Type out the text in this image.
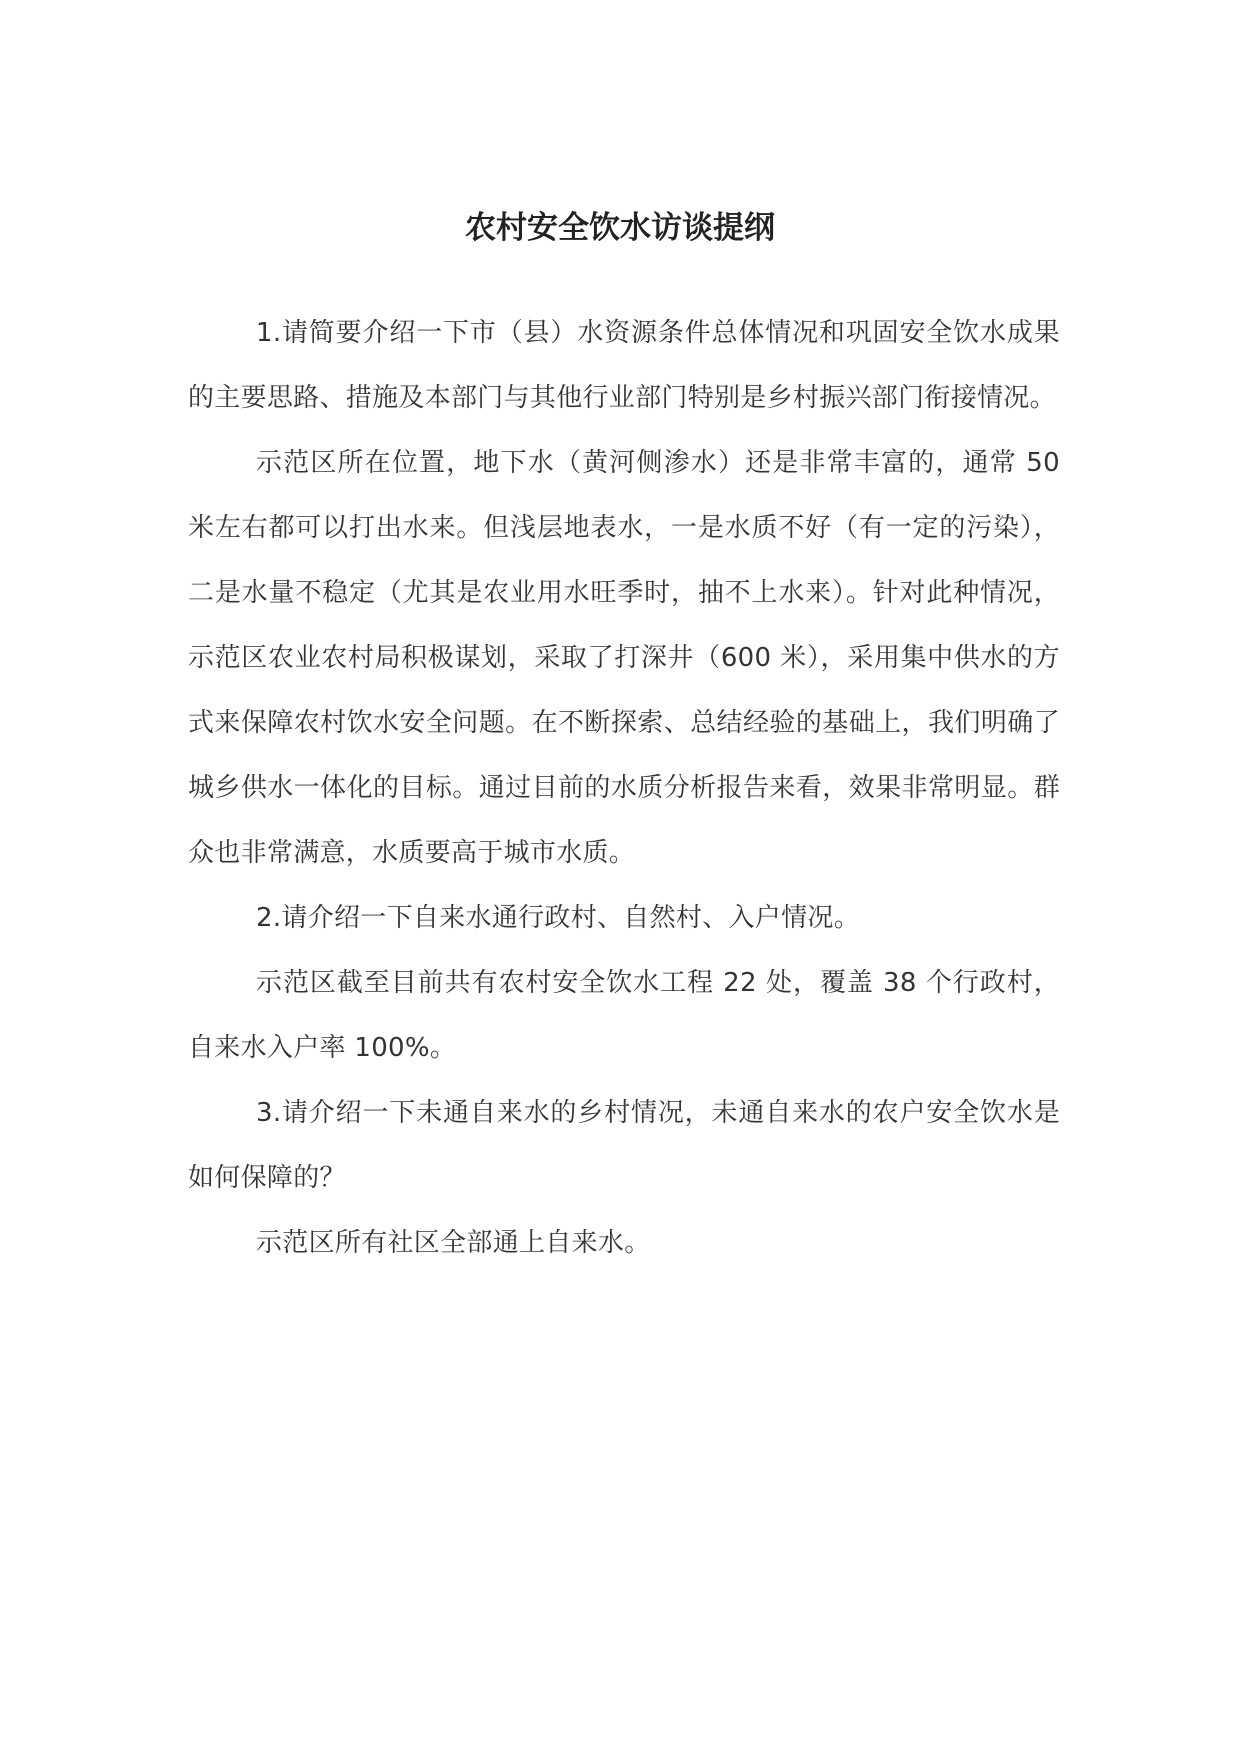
农村安全饮水访谈提纲

1.请简要介绍一下市（县）水资源条件总体情况和巩固安全饮水成果的主要思路、措施及本部门与其他行业部门特别是乡村振兴部门衔接情况。

示范区所在位置，地下水（黄河侧渗水）还是非常丰富的，通常 50 米左右都可以打出水来。但浅层地表水，一是水质不好（有一定的污染），二是水量不稳定（尤其是农业用水旺季时，抽不上水来）。针对此种情况，示范区农业农村局积极谋划，采取了打深井（600 米），采用集中供水的方式来保障农村饮水安全问题。在不断探索、总结经验的基础上，我们明确了城乡供水一体化的目标。通过目前的水质分析报告来看，效果非常明显。群众也非常满意，水质要高于城市水质。

2.请介绍一下自来水通行政村、自然村、入户情况。

示范区截至目前共有农村安全饮水工程 22 处，覆盖 38 个行政村，自来水入户率 100%。

3.请介绍一下未通自来水的乡村情况，未通自来水的农户安全饮水是如何保障的？

示范区所有社区全部通上自来水。
